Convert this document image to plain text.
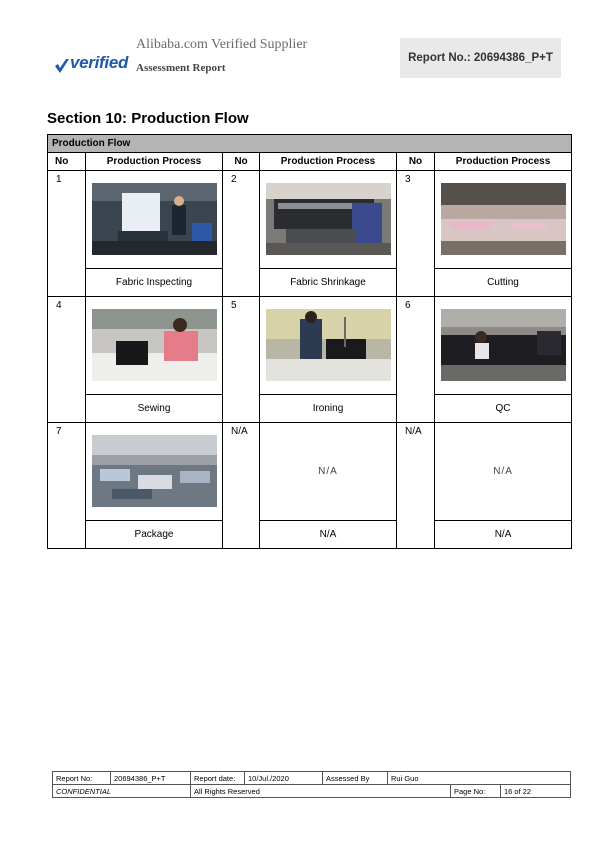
verified
Alibaba.com Verified Supplier
Assessment Report
Report No.: 20694386_P+T
Section 10: Production Flow
Production Flow					
No	Production Process	No	Production Process	No	Production Process
1		2		3	

	Fabric Inspecting		Fabric Shrinkage		Cutting
4		5		6	

	Sewing		Ironing		QC
7		N/A	N/A	N/A	N/A
	Package		N/A		N/A
Report No:	20694386_P+T	Report date:	10/Jul./2020	Assessed By	Rui Guo		
CONFIDENTIAL		All Rights Reserved				Page No:	16 of 22
